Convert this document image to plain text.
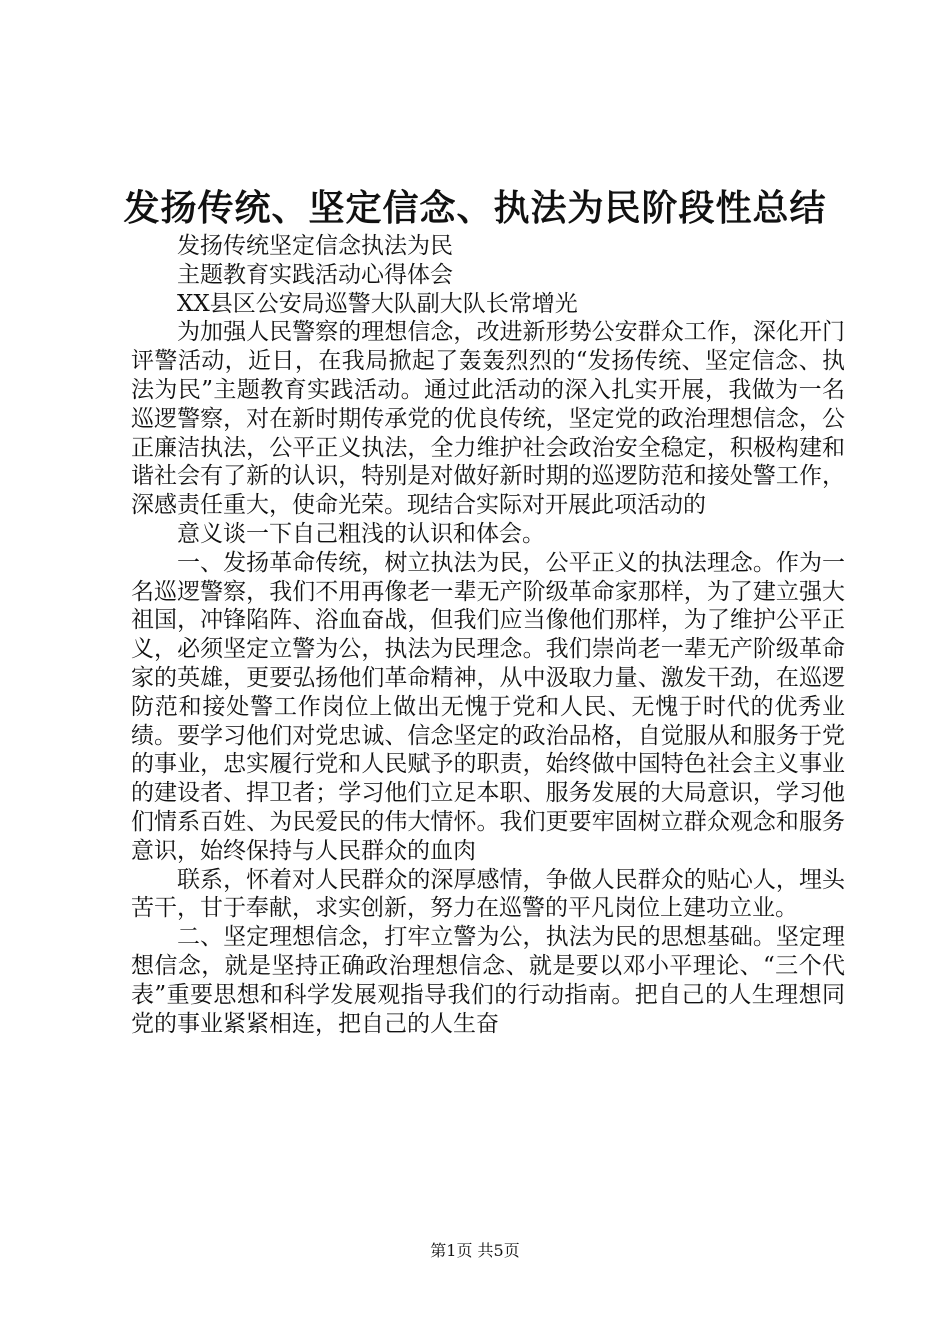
发扬传统、坚定信念、执法为民阶段性总结

发扬传统坚定信念执法为民

主题教育实践活动心得体会

XX县区公安局巡警大队副大队长常增光

为加强人民警察的理想信念，改进新形势公安群众工作，深化开门评警活动，近日，在我局掀起了轰轰烈烈的“发扬传统、坚定信念、执法为民”主题教育实践活动。通过此活动的深入扎实开展，我做为一名巡逻警察，对在新时期传承党的优良传统，坚定党的政治理想信念，公正廉洁执法，公平正义执法，全力维护社会政治安全稳定，积极构建和谐社会有了新的认识，特别是对做好新时期的巡逻防范和接处警工作，深感责任重大，使命光荣。现结合实际对开展此项活动的

意义谈一下自己粗浅的认识和体会。

一、发扬革命传统，树立执法为民，公平正义的执法理念。作为一名巡逻警察，我们不用再像老一辈无产阶级革命家那样，为了建立强大祖国，冲锋陷阵、浴血奋战，但我们应当像他们那样，为了维护公平正义，必须坚定立警为公，执法为民理念。我们崇尚老一辈无产阶级革命家的英雄，更要弘扬他们革命精神，从中汲取力量、激发干劲，在巡逻防范和接处警工作岗位上做出无愧于党和人民、无愧于时代的优秀业绩。要学习他们对党忠诚、信念坚定的政治品格，自觉服从和服务于党的事业，忠实履行党和人民赋予的职责，始终做中国特色社会主义事业的建设者、捍卫者；学习他们立足本职、服务发展的大局意识，学习他们情系百姓、为民爱民的伟大情怀。我们更要牢固树立群众观念和服务意识，始终保持与人民群众的血肉

联系，怀着对人民群众的深厚感情，争做人民群众的贴心人，埋头苦干，甘于奉献，求实创新，努力在巡警的平凡岗位上建功立业。

二、坚定理想信念，打牢立警为公，执法为民的思想基础。坚定理想信念，就是坚持正确政治理想信念、就是要以邓小平理论、“三个代表”重要思想和科学发展观指导我们的行动指南。把自己的人生理想同党的事业紧紧相连，把自己的人生奋

第1页 共5页
